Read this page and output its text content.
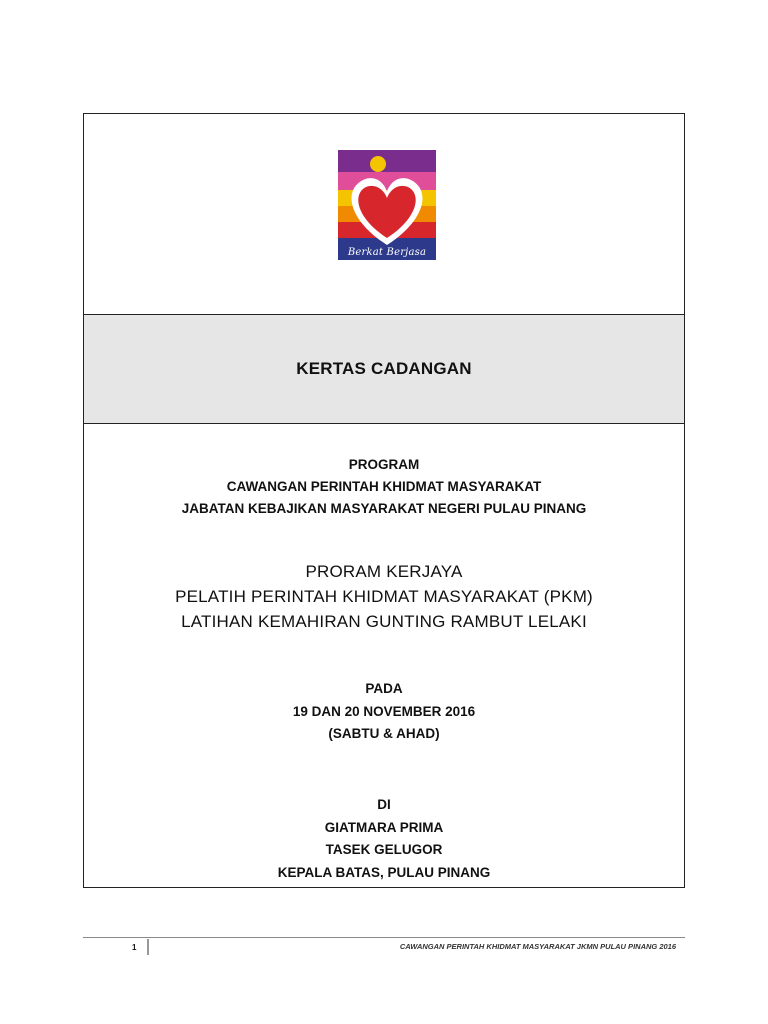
Berkat Berjasa
KERTAS CADANGAN
PROGRAM
CAWANGAN PERINTAH KHIDMAT MASYARAKAT
JABATAN KEBAJIKAN MASYARAKAT NEGERI PULAU PINANG
PRORAM KERJAYA
PELATIH PERINTAH KHIDMAT MASYARAKAT (PKM)
LATIHAN KEMAHIRAN GUNTING RAMBUT LELAKI
PADA
19 DAN 20 NOVEMBER 2016
(SABTU & AHAD)
DI
GIATMARA PRIMA
TASEK GELUGOR
KEPALA BATAS, PULAU PINANG
1	CAWANGAN PERINTAH KHIDMAT MASYARAKAT JKMN PULAU PINANG 2016
